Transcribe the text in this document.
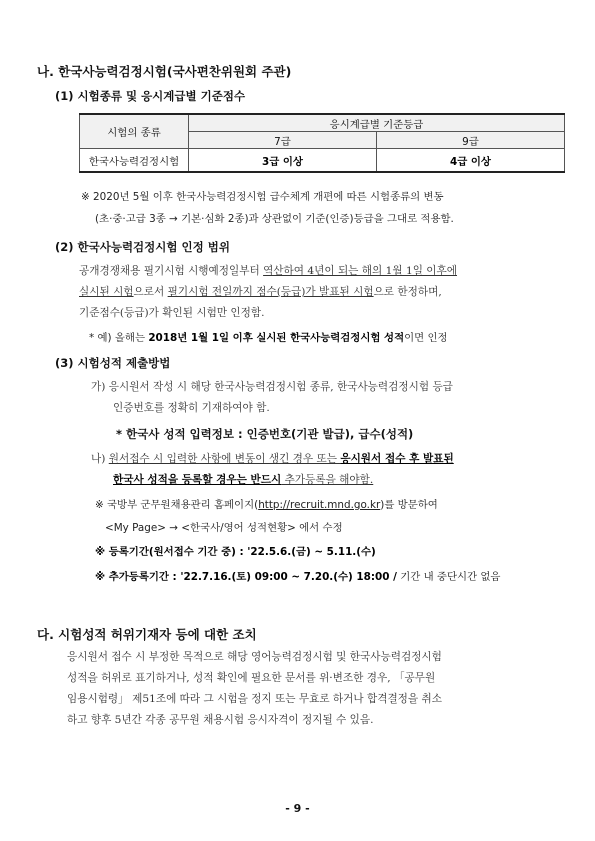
나. 한국사능력검정시험(국사편찬위원회 주관)
(1) 시험종류 및 응시계급별 기준점수
시험의 종류	응시계급별 기준등급	
	7급	9급
한국사능력검정시험	3급 이상	4급 이상
※ 2020년 5월 이후 한국사능력검정시험 급수체계 개편에 따른 시험종류의 변동
(초·중·고급 3종 → 기본·심화 2종)과 상관없이 기준(인증)등급을 그대로 적용함.
(2) 한국사능력검정시험 인정 범위
공개경쟁채용 필기시험 시행예정일부터 역산하여 4년이 되는 해의 1월 1일 이후에
실시된 시험으로서 필기시험 전일까지 점수(등급)가 발표된 시험으로 한정하며,
기준점수(등급)가 확인된 시험만 인정함.
* 예) 올해는 2018년 1월 1일 이후 실시된 한국사능력검정시험 성적이면 인정
(3) 시험성적 제출방법
가) 응시원서 작성 시 해당 한국사능력검정시험 종류, 한국사능력검정시험 등급
인증번호를 정확히 기재하여야 함.
* 한국사 성적 입력정보 : 인증번호(기관 발급), 급수(성적)
나) 원서접수 시 입력한 사항에 변동이 생긴 경우 또는 응시원서 접수 후 발표된
한국사 성적을 등록할 경우는 반드시 추가등록을 해야함.
※ 국방부 군무원채용관리 홈페이지(http://recruit.mnd.go.kr)를 방문하여
<My Page> → <한국사/영어 성적현황> 에서 수정
※ 등록기간(원서접수 기간 중) : '22.5.6.(금) ~ 5.11.(수)
※ 추가등록기간 : '22.7.16.(토) 09:00 ~ 7.20.(수) 18:00 / 기간 내 중단시간 없음
다. 시험성적 허위기재자 등에 대한 조치
응시원서 접수 시 부정한 목적으로 해당 영어능력검정시험 및 한국사능력검정시험
성적을 허위로 표기하거나, 성적 확인에 필요한 문서를 위·변조한 경우, 「공무원
임용시험령」 제51조에 따라 그 시험을 정지 또는 무효로 하거나 합격결정을 취소
하고 향후 5년간 각종 공무원 채용시험 응시자격이 정지될 수 있음.
- 9 -
